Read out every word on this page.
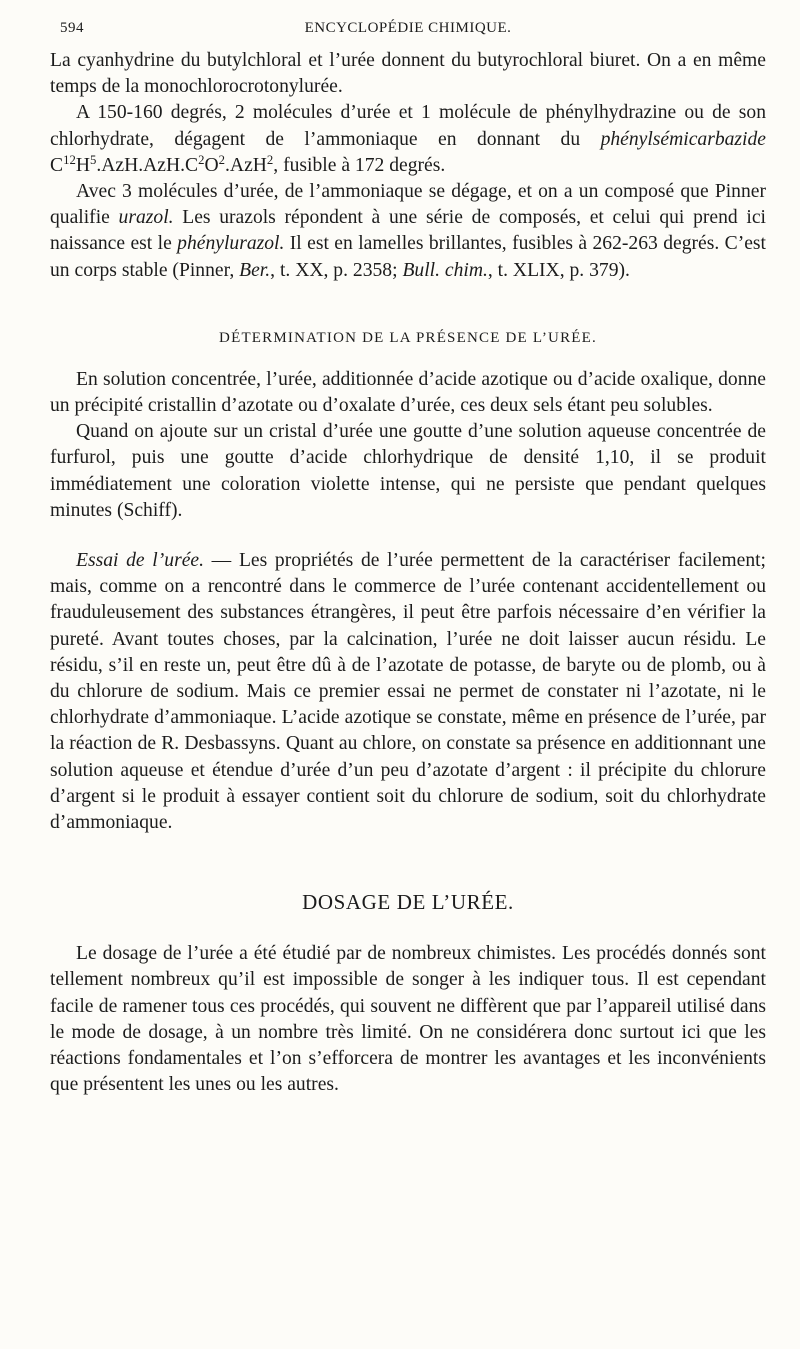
594	ENCYCLOPÉDIE CHIMIQUE.

La cyanhydrine du butylchloral et l’urée donnent du butyrochloral biuret. On a en même temps de la monochlorocrotonylurée.

A 150-160 degrés, 2 molécules d’urée et 1 molécule de phénylhydrazine ou de son chlorhydrate, dégagent de l’ammoniaque en donnant du phénylsémicarbazide $C^{12}H^5.AzH.AzH.C^2O^2.AzH^2$, fusible à 172 degrés.

Avec 3 molécules d’urée, de l’ammoniaque se dégage, et on a un composé que Pinner qualifie urazol. Les urazols répondent à une série de composés, et celui qui prend ici naissance est le phénylurazol. Il est en lamelles brillantes, fusibles à 262-263 degrés. C’est un corps stable (Pinner, Ber., t. XX, p. 2358; Bull. chim., t. XLIX, p. 379).

DÉTERMINATION DE LA PRÉSENCE DE L’URÉE.

En solution concentrée, l’urée, additionnée d’acide azotique ou d’acide oxalique, donne un précipité cristallin d’azotate ou d’oxalate d’urée, ces deux sels étant peu solubles.

Quand on ajoute sur un cristal d’urée une goutte d’une solution aqueuse concentrée de furfurol, puis une goutte d’acide chlorhydrique de densité 1,10, il se produit immédiatement une coloration violette intense, qui ne persiste que pendant quelques minutes (Schiff).

Essai de l’urée. — Les propriétés de l’urée permettent de la caractériser facilement; mais, comme on a rencontré dans le commerce de l’urée contenant accidentellement ou frauduleusement des substances étrangères, il peut être parfois nécessaire d’en vérifier la pureté. Avant toutes choses, par la calcination, l’urée ne doit laisser aucun résidu. Le résidu, s’il en reste un, peut être dû à de l’azotate de potasse, de baryte ou de plomb, ou à du chlorure de sodium. Mais ce premier essai ne permet de constater ni l’azotate, ni le chlorhydrate d’ammoniaque. L’acide azotique se constate, même en présence de l’urée, par la réaction de R. Desbassyns. Quant au chlore, on constate sa présence en additionnant une solution aqueuse et étendue d’urée d’un peu d’azotate d’argent : il précipite du chlorure d’argent si le produit à essayer contient soit du chlorure de sodium, soit du chlorhydrate d’ammoniaque.

DOSAGE DE L’URÉE.

Le dosage de l’urée a été étudié par de nombreux chimistes. Les procédés donnés sont tellement nombreux qu’il est impossible de songer à les indiquer tous. Il est cependant facile de ramener tous ces procédés, qui souvent ne diffèrent que par l’appareil utilisé dans le mode de dosage, à un nombre très limité. On ne considérera donc surtout ici que les réactions fondamentales et l’on s’efforcera de montrer les avantages et les inconvénients que présentent les unes ou les autres.
